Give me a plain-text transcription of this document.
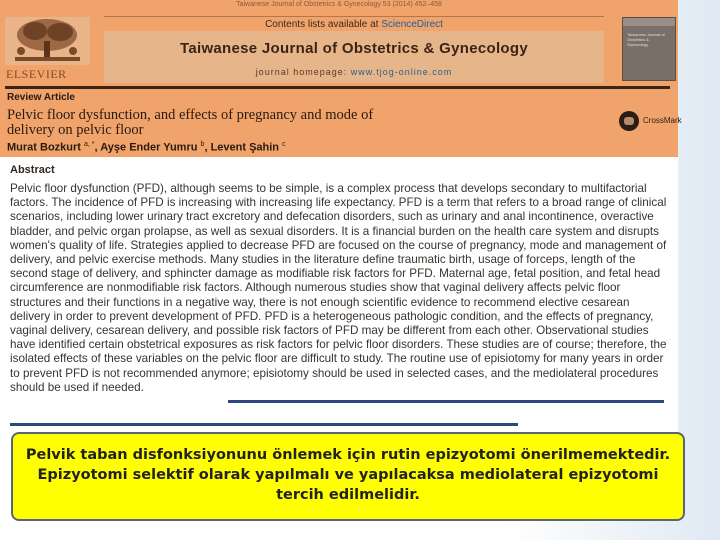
Taiwanese Journal of Obstetrics & Gynecology 53 (2014) 452–458
ELSEVIER
Contents lists available at ScienceDirect
Taiwanese Journal of Obstetrics & Gynecology
journal homepage: www.tjog-online.com
Taiwanese Journal of Obstetrics & Gynecology
Review Article
Pelvic floor dysfunction, and effects of pregnancy and mode of
delivery on pelvic floor
CrossMark
Murat Bozkurt $^{a, *}$, Ayşe Ender Yumru $^b$, Levent Şahin $^c$
Abstract

Pelvic floor dysfunction (PFD), although seems to be simple, is a complex process that develops secondary to multifactorial factors. The incidence of PFD is increasing with increasing life expectancy. PFD is a term that refers to a broad range of clinical scenarios, including lower urinary tract excretory and defecation disorders, such as urinary and anal incontinence, overactive bladder, and pelvic organ prolapse, as well as sexual disorders. It is a financial burden on the health care system and disrupts women's quality of life. Strategies applied to decrease PFD are focused on the course of pregnancy, mode and management of delivery, and pelvic exercise methods. Many studies in the literature define traumatic birth, usage of forceps, length of the second stage of delivery, and sphincter damage as modifiable risk factors for PFD. Maternal age, fetal position, and fetal head circumference are nonmodifiable risk factors. Although numerous studies show that vaginal delivery affects pelvic floor structures and their functions in a negative way, there is not enough scientific evidence to recommend elective cesarean delivery in order to prevent development of PFD. PFD is a heterogeneous pathologic condition, and the effects of pregnancy, vaginal delivery, cesarean delivery, and possible risk factors of PFD may be different from each other. Observational studies have identified certain obstetrical exposures as risk factors for pelvic floor disorders. These studies are of course; therefore, the isolated effects of these variables on the pelvic floor are difficult to study. The routine use of episiotomy for many years in order to prevent PFD is not recommended anymore; episiotomy should be used in selected cases, and the mediolateral procedures should be used if needed.

Pelvik taban disfonksiyonunu önlemek için rutin epizyotomi önerilmemektedir.
Epizyotomi selektif olarak yapılmalı ve yapılacaksa mediolateral epizyotomi
tercih edilmelidir.
